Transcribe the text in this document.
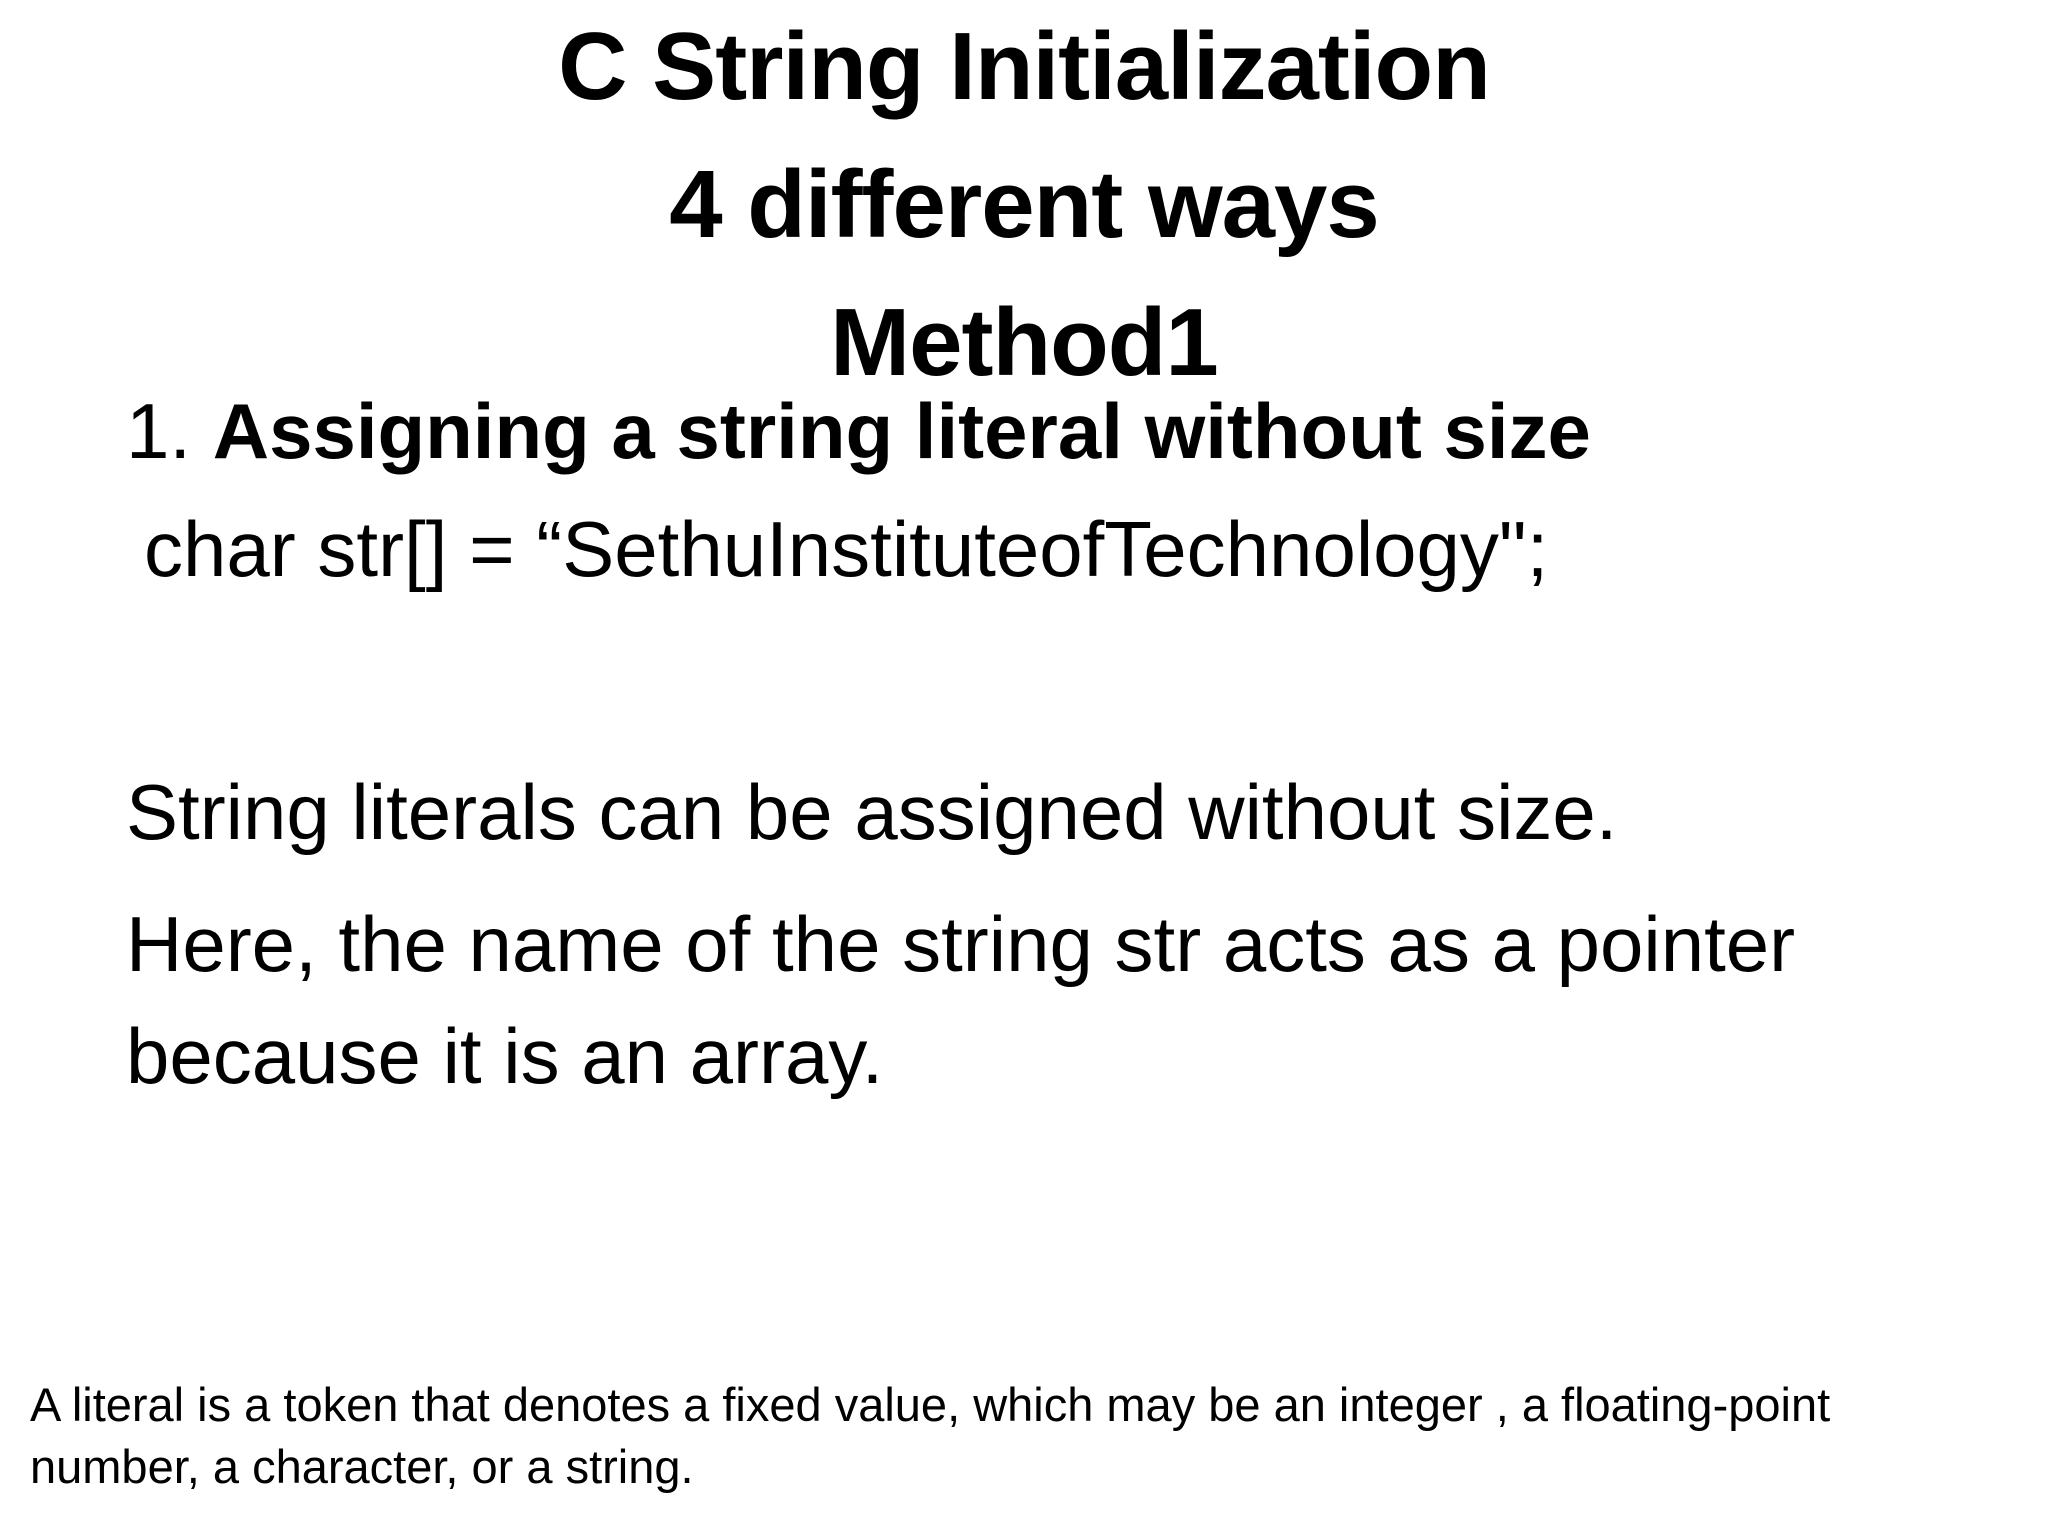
C String Initialization
4 different ways
Method1
1. Assigning a string literal without size
char str[] = “SethuInstituteofTechnology";
String literals can be assigned without size.
Here, the name of the string str acts as a pointer because it is an array.
A literal is a token that denotes a fixed value, which may be an integer , a floating-point number, a character, or a string.
